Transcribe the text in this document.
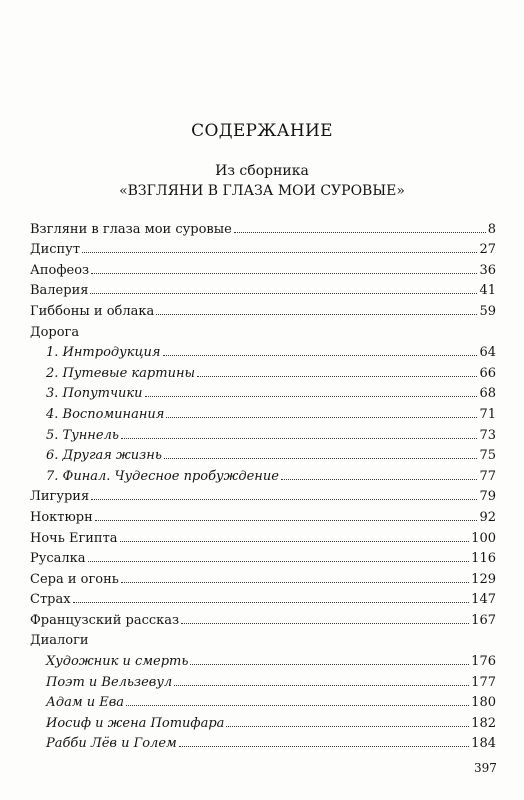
СОДЕРЖАНИЕ
Из сборника
«ВЗГЛЯНИ В ГЛАЗА МОИ СУРОВЫЕ»
Взгляни в глаза мои суровые	8
Диспут	27
Апофеоз	36
Валерия	41
Гиббоны и облака	59
Дорога
1. Интродукция	64
2. Путевые картины	66
3. Попутчики	68
4. Воспоминания	71
5. Туннель	73
6. Другая жизнь	75
7. Финал. Чудесное пробуждение	77
Лигурия	79
Ноктюрн	92
Ночь Египта	100
Русалка	116
Сера и огонь	129
Страх	147
Французский рассказ	167
Диалоги
Художник и смерть	176
Поэт и Вельзевул	177
Адам и Ева	180
Иосиф и жена Потифара	182
Рабби Лёв и Голем	184
397
